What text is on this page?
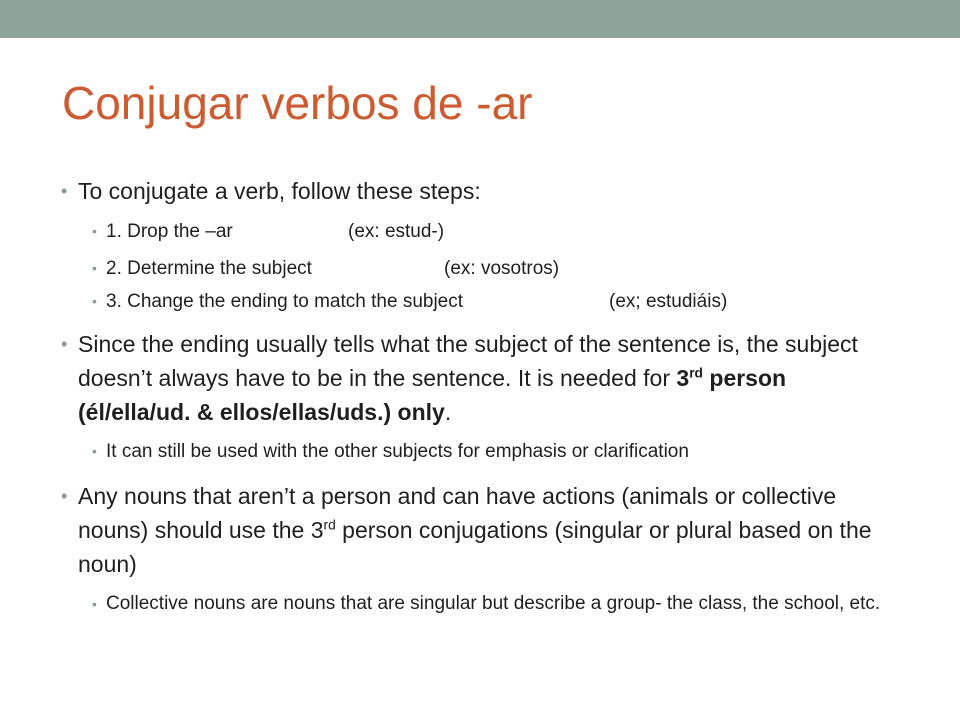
Conjugar verbos de -ar
• To conjugate a verb, follow these steps:
• 1. Drop the –ar	(ex: estud-)
• 2. Determine the subject	(ex: vosotros)
• 3. Change the ending to match the subject	(ex; estudiáis)
• Since the ending usually tells what the subject of the sentence is, the subject doesn’t always have to be in the sentence. It is needed for 3rd person (él/ella/ud. & ellos/ellas/uds.) only.
• It can still be used with the other subjects for emphasis or clarification
• Any nouns that aren’t a person and can have actions (animals or collective nouns) should use the 3rd person conjugations (singular or plural based on the noun)
• Collective nouns are nouns that are singular but describe a group- the class, the school, etc.
